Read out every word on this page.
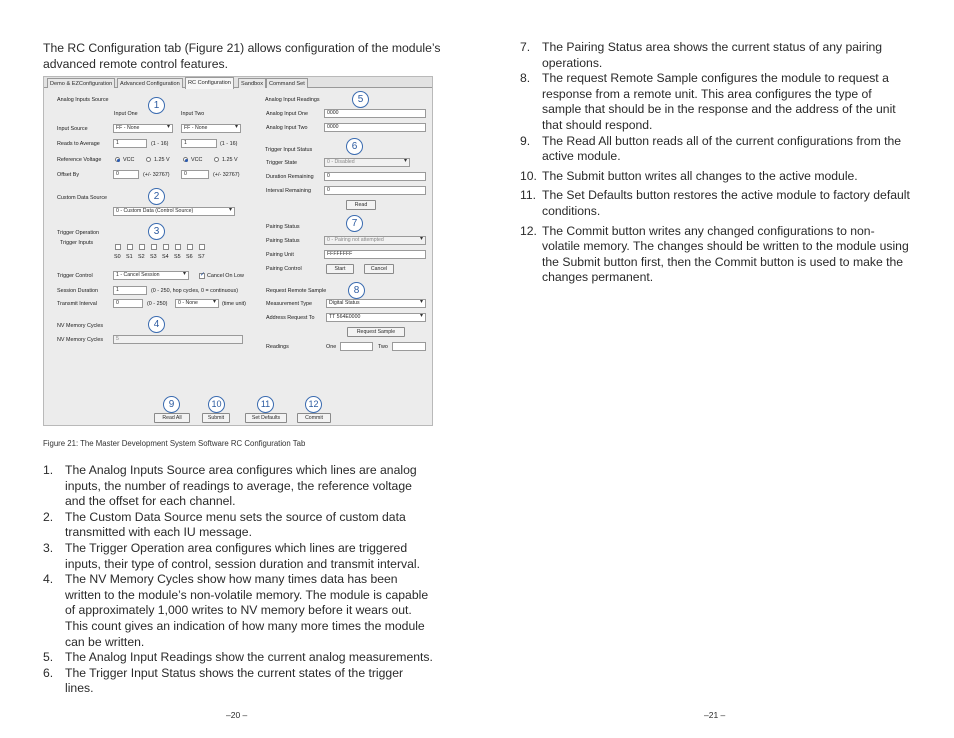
The RC Configuration tab (Figure 21) allows configuration of the module’s advanced remote control features.

Demo & EZConfiguration	Advanced Configuration	RC Configuration	Sandbox	Command Set
Analog Inputs Source
Input One	Input Two
Input Source	FF - None ▾	FF - None ▾
Reads to Average	1	(1 - 16)	1	(1 - 16)
Reference Voltage	VCC	1.25 V	VCC	1.25 V
Offset By	0	(+/- 32767)	0	(+/- 32767)
Custom Data Source
0 - Custom Data (Control Source) ▾
Trigger Operation
Trigger Inputs
S0 S1 S2 S3 S4 S5 S6 S7
Trigger Control	1 - Cancel Session ▾ ✓	Cancel On Low
Session Duration	1	(0 - 250, hop cycles, 0 = continuous)
Transmit Interval	0	(0 - 250)	0 - None ▾	(time unit)
NV Memory Cycles
NV Memory Cycles	5
Analog Input Readings
Analog Input One	0000
Analog Input Two	0000
Trigger Input Status
Trigger State	0 - Disabled ▾
Duration Remaining	0
Interval Remaining	0
Read
Pairing Status
Pairing Status	0 - Pairing not attempted ▾
Pairing Unit	FFFFFFFF
Pairing Control	Start	Cancel
Request Remote Sample
Measurement Type	Digital Status ▾
Address Request To	TT 564E0000 ▾
Request Sample
Readings	One	Two
Read All	Submit	Set Defaults	Commit
1
2
3
4
5
6
7
8
9	10	11	12

Figure 21: The Master Development System Software RC Configuration Tab

1. The Analog Inputs Source area configures which lines are analog inputs, the number of readings to average, the reference voltage and the offset for each channel.
2. The Custom Data Source menu sets the source of custom data transmitted with each IU message.
3. The Trigger Operation area configures which lines are triggered inputs, their type of control, session duration and transmit interval.
4. The NV Memory Cycles show how many times data has been written to the module’s non-volatile memory. The module is capable of approximately 1,000 writes to NV memory before it wears out. This count gives an indication of how many more times the module can be written.
5. The Analog Input Readings show the current analog measurements.
6. The Trigger Input Status shows the current states of the trigger lines.
–20 –
7. The Pairing Status area shows the current status of any pairing operations.
8. The request Remote Sample configures the module to request a response from a remote unit. This area configures the type of sample that should be in the response and the address of the unit that should respond.
9. The Read All button reads all of the current configurations from the active module.
10. The Submit button writes all changes to the active module.
11. The Set Defaults button restores the active module to factory default conditions.
12. The Commit button writes any changed configurations to non-volatile memory. The changes should be written to the module using the Submit button first, then the Commit button is used to make the changes permanent.
–21 –
